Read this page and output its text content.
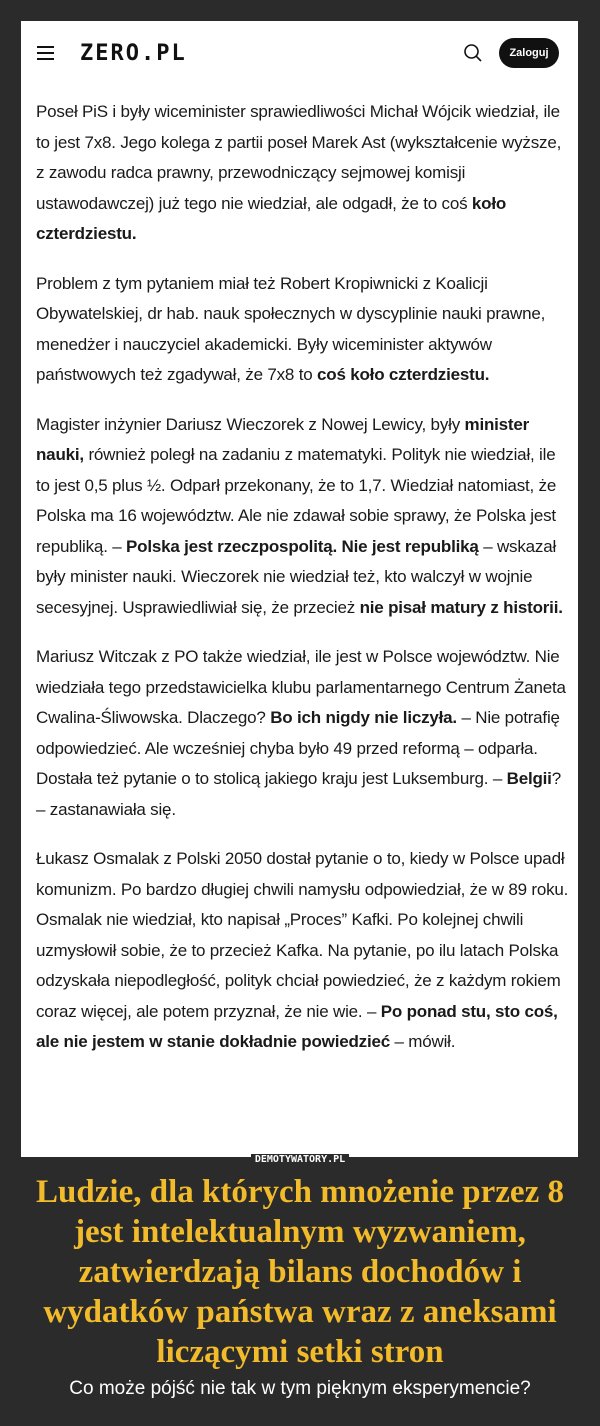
ZERO.PL	Zaloguj

Poseł PiS i były wiceminister sprawiedliwości Michał Wójcik wiedział, ile to jest 7x8. Jego kolega z partii poseł Marek Ast (wykształcenie wyższe, z zawodu radca prawny, przewodniczący sejmowej komisji ustawodawczej) już tego nie wiedział, ale odgadł, że to coś koło czterdziestu.

Problem z tym pytaniem miał też Robert Kropiwnicki z Koalicji Obywatelskiej, dr hab. nauk społecznych w dyscyplinie nauki prawne, menedżer i nauczyciel akademicki. Były wiceminister aktywów państwowych też zgadywał, że 7x8 to coś koło czterdziestu.

Magister inżynier Dariusz Wieczorek z Nowej Lewicy, były minister nauki, również poległ na zadaniu z matematyki. Polityk nie wiedział, ile to jest 0,5 plus ½. Odparł przekonany, że to 1,7. Wiedział natomiast, że Polska ma 16 województw. Ale nie zdawał sobie sprawy, że Polska jest republiką. – Polska jest rzeczpospolitą. Nie jest republiką – wskazał były minister nauki. Wieczorek nie wiedział też, kto walczył w wojnie secesyjnej. Usprawiedliwiał się, że przecież nie pisał matury z historii.

Mariusz Witczak z PO także wiedział, ile jest w Polsce województw. Nie wiedziała tego przedstawicielka klubu parlamentarnego Centrum Żaneta Cwalina-Śliwowska. Dlaczego? Bo ich nigdy nie liczyła. – Nie potrafię odpowiedzieć. Ale wcześniej chyba było 49 przed reformą – odparła. Dostała też pytanie o to stolicą jakiego kraju jest Luksemburg. – Belgii? – zastanawiała się.

Łukasz Osmalak z Polski 2050 dostał pytanie o to, kiedy w Polsce upadł komunizm. Po bardzo długiej chwili namysłu odpowiedział, że w 89 roku. Osmalak nie wiedział, kto napisał „Proces” Kafki. Po kolejnej chwili uzmysłowił sobie, że to przecież Kafka. Na pytanie, po ilu latach Polska odzyskała niepodległość, polityk chciał powiedzieć, że z każdym rokiem coraz więcej, ale potem przyznał, że nie wie. – Po ponad stu, sto coś, ale nie jestem w stanie dokładnie powiedzieć – mówił.

DEMOTYWATORY.PL
Ludzie, dla których mnożenie przez 8 jest intelektualnym wyzwaniem, zatwierdzają bilans dochodów i wydatków państwa wraz z aneksami liczącymi setki stron
Co może pójść nie tak w tym pięknym eksperymencie?
